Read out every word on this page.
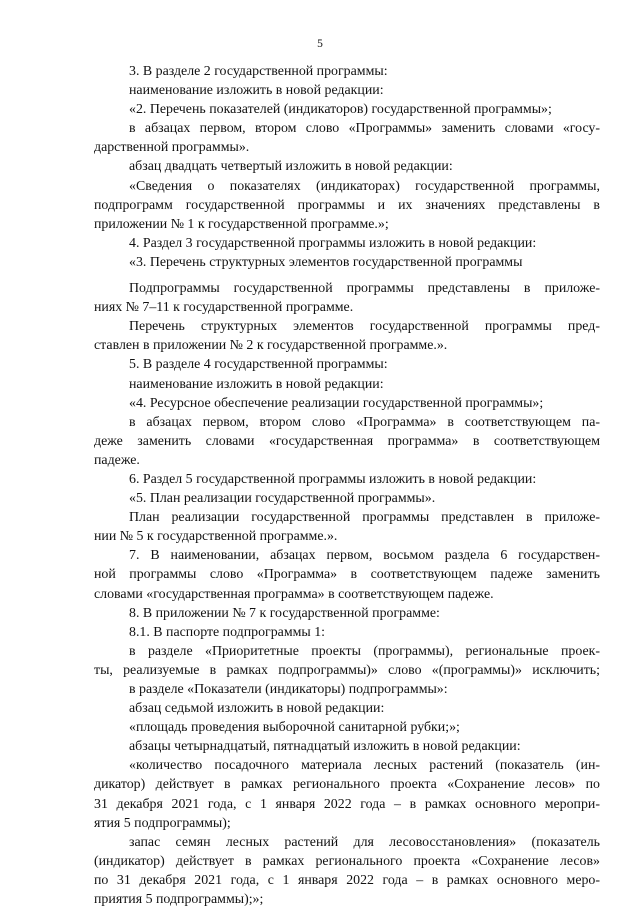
5
3. В разделе 2 государственной программы:
наименование изложить в новой редакции:
«2. Перечень показателей (индикаторов) государственной программы»;
в абзацах первом, втором слово «Программы» заменить словами «госу-
дарственной программы».
абзац двадцать четвертый изложить в новой редакции:
«Сведения о показателях (индикаторах) государственной программы,
подпрограмм государственной программы и их значениях представлены в
приложении № 1 к государственной программе.»;
4. Раздел 3 государственной программы изложить в новой редакции:
«3. Перечень структурных элементов государственной программы
Подпрограммы государственной программы представлены в приложе-
ниях № 7–11 к государственной программе.
Перечень структурных элементов государственной программы пред-
ставлен в приложении № 2 к государственной программе.».
5. В разделе 4 государственной программы:
наименование изложить в новой редакции:
«4. Ресурсное обеспечение реализации государственной программы»;
в абзацах первом, втором слово «Программа» в соответствующем па-
деже заменить словами «государственная программа» в соответствующем
падеже.
6. Раздел 5 государственной программы изложить в новой редакции:
«5. План реализации государственной программы».
План реализации государственной программы представлен в приложе-
нии № 5 к государственной программе.».
7. В наименовании, абзацах первом, восьмом раздела 6 государствен-
ной программы слово «Программа» в соответствующем падеже заменить
словами «государственная программа» в соответствующем падеже.
8. В приложении № 7 к государственной программе:
8.1. В паспорте подпрограммы 1:
в разделе «Приоритетные проекты (программы), региональные проек-
ты, реализуемые в рамках подпрограммы)» слово «(программы)» исключить;
в разделе «Показатели (индикаторы) подпрограммы»:
абзац седьмой изложить в новой редакции:
«площадь проведения выборочной санитарной рубки;»;
абзацы четырнадцатый, пятнадцатый изложить в новой редакции:
«количество посадочного материала лесных растений (показатель (ин-
дикатор) действует в рамках регионального проекта «Сохранение лесов» по
31 декабря 2021 года, с 1 января 2022 года – в рамках основного меропри-
ятия 5 подпрограммы);
запас семян лесных растений для лесовосстановления» (показатель
(индикатор) действует в рамках регионального проекта «Сохранение лесов»
по 31 декабря 2021 года, с 1 января 2022 года – в рамках основного меро-
приятия 5 подпрограммы);»;
